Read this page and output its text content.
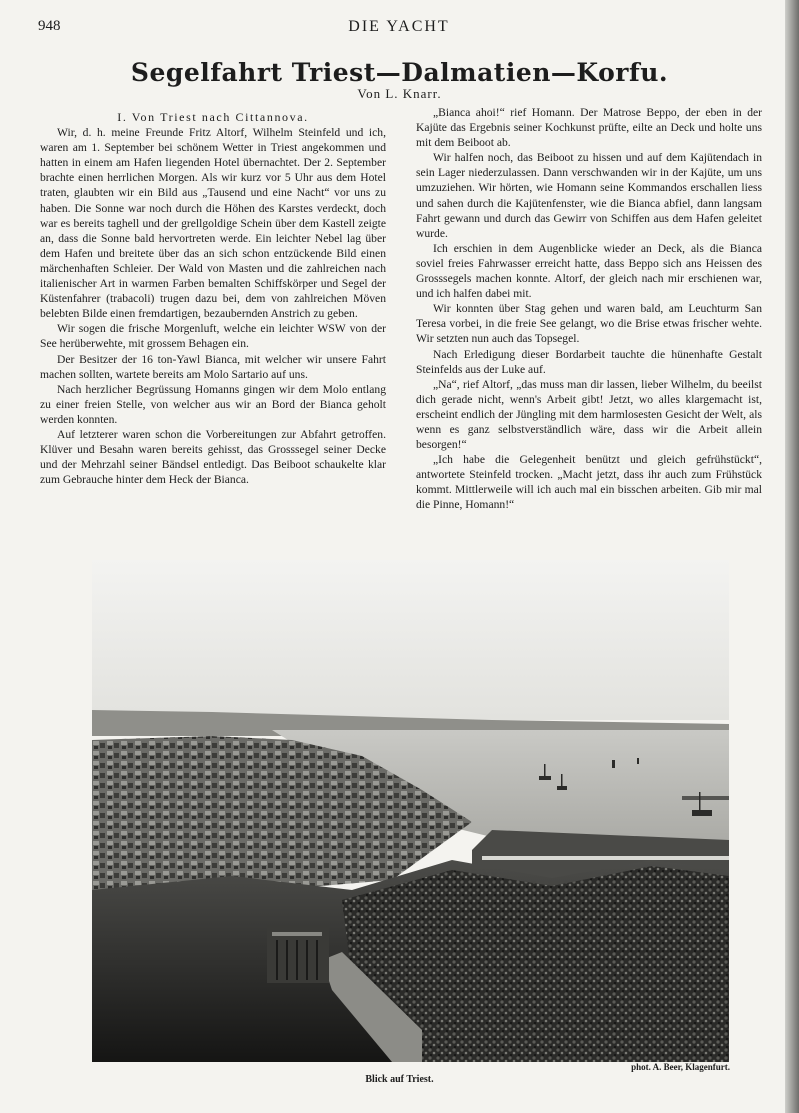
948	DIE YACHT
Segelfahrt Triest—Dalmatien—Korfu.
Von L. Knarr.

I. Von Triest nach Cittannova.

Wir, d. h. meine Freunde Fritz Altorf, Wilhelm Steinfeld und ich, waren am 1. September bei schönem Wetter in Triest angekommen und hatten in einem am Hafen liegenden Hotel übernachtet. Der 2. September brachte einen herrlichen Morgen. Als wir kurz vor 5 Uhr aus dem Hotel traten, glaubten wir ein Bild aus „Tausend und eine Nacht“ vor uns zu haben. Die Sonne war noch durch die Höhen des Karstes verdeckt, doch war es bereits taghell und der grellgoldige Schein über dem Kastell zeigte an, dass die Sonne bald hervortreten werde. Ein leichter Nebel lag über dem Hafen und breitete über das an sich schon entzückende Bild einen märchenhaften Schleier. Der Wald von Masten und die zahlreichen nach italienischer Art in warmen Farben bemalten Schiffskörper und Segel der Küstenfahrer (trabacoli) trugen dazu bei, dem von zahlreichen Möven belebten Bilde einen fremdartigen, bezaubernden Anstrich zu geben.

Wir sogen die frische Morgenluft, welche ein leichter WSW von der See herüberwehte, mit grossem Behagen ein.

Der Besitzer der 16 ton-Yawl Bianca, mit welcher wir unsere Fahrt machen sollten, wartete bereits am Molo Sartario auf uns.

Nach herzlicher Begrüssung Homanns gingen wir dem Molo entlang zu einer freien Stelle, von welcher aus wir an Bord der Bianca geholt werden konnten.

Auf letzterer waren schon die Vorbereitungen zur Abfahrt getroffen. Klüver und Besahn waren bereits gehisst, das Grosssegel seiner Decke und der Mehrzahl seiner Bändsel entledigt. Das Beiboot schaukelte klar zum Gebrauche hinter dem Heck der Bianca.

„Bianca ahoi!“ rief Homann. Der Matrose Beppo, der eben in der Kajüte das Ergebnis seiner Kochkunst prüfte, eilte an Deck und holte uns mit dem Beiboot ab.

Wir halfen noch, das Beiboot zu hissen und auf dem Kajütendach in sein Lager niederzulassen. Dann verschwanden wir in der Kajüte, um uns umzuziehen. Wir hörten, wie Homann seine Kommandos erschallen liess und sahen durch die Kajütenfenster, wie die Bianca abfiel, dann langsam Fahrt gewann und durch das Gewirr von Schiffen aus dem Hafen geleitet wurde.

Ich erschien in dem Augenblicke wieder an Deck, als die Bianca soviel freies Fahrwasser erreicht hatte, dass Beppo sich ans Heissen des Grosssegels machen konnte. Altorf, der gleich nach mir erschienen war, und ich halfen dabei mit.

Wir konnten über Stag gehen und waren bald, am Leuchturm San Teresa vorbei, in die freie See gelangt, wo die Brise etwas frischer wehte. Wir setzten nun auch das Topsegel.

Nach Erledigung dieser Bordarbeit tauchte die hünenhafte Gestalt Steinfelds aus der Luke auf.

„Na“, rief Altorf, „das muss man dir lassen, lieber Wilhelm, du beeilst dich gerade nicht, wenn's Arbeit gibt! Jetzt, wo alles klargemacht ist, erscheint endlich der Jüngling mit dem harmlosesten Gesicht der Welt, als wenn es ganz selbstverständlich wäre, dass wir die Arbeit allein besorgen!“

„Ich habe die Gelegenheit benützt und gleich gefrühstückt“, antwortete Steinfeld trocken. „Macht jetzt, dass ihr auch zum Frühstück kommt. Mittlerweile will ich auch mal ein bisschen arbeiten. Gib mir mal die Pinne, Homann!“

phot. A. Beer, Klagenfurt.
Blick auf Triest.
